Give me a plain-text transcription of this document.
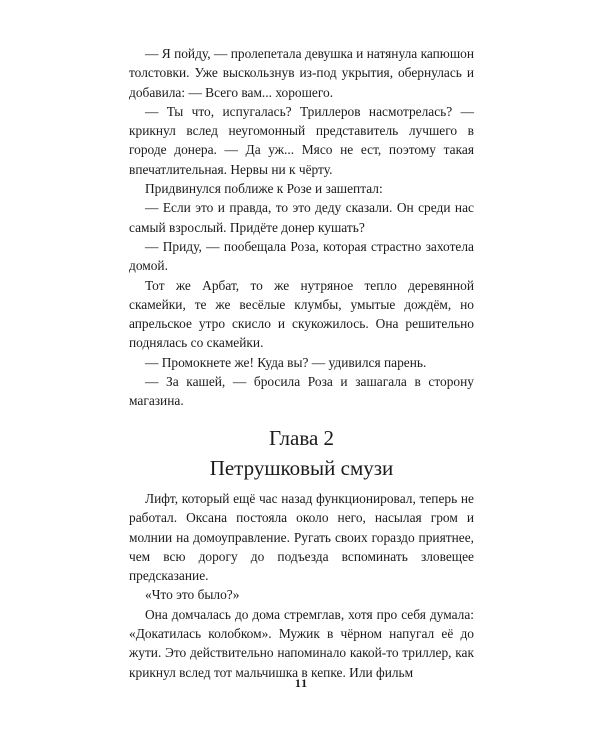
— Я пойду, — пролепетала девушка и натянула капюшон толстовки. Уже выскользнув из-под укрытия, обернулась и добавила: — Всего вам... хорошего.

— Ты что, испугалась? Триллеров насмотрелась? — крикнул вслед неугомонный представитель лучшего в городе донера. — Да уж... Мясо не ест, поэтому такая впечатлительная. Нервы ни к чёрту.

Придвинулся поближе к Розе и зашептал:

— Если это и правда, то это деду сказали. Он среди нас самый взрослый. Придёте донер кушать?

— Приду, — пообещала Роза, которая страстно захотела домой.

Тот же Арбат, то же нутряное тепло деревянной скамейки, те же весёлые клумбы, умытые дождём, но апрельское утро скисло и скукожилось. Она решительно поднялась со скамейки.

— Промокнете же! Куда вы? — удивился парень.

— За кашей, — бросила Роза и зашагала в сторону магазина.

Глава 2
Петрушковый смузи

Лифт, который ещё час назад функционировал, теперь не работал. Оксана постояла около него, насылая гром и молнии на домоуправление. Ругать своих гораздо приятнее, чем всю дорогу до подъезда вспоминать зловещее предсказание.

«Что это было?»

Она домчалась до дома стремглав, хотя про себя думала: «Докатилась колобком». Мужик в чёрном напугал её до жути. Это действительно напоминало какой-то триллер, как крикнул вслед тот мальчишка в кепке. Или фильм

11
